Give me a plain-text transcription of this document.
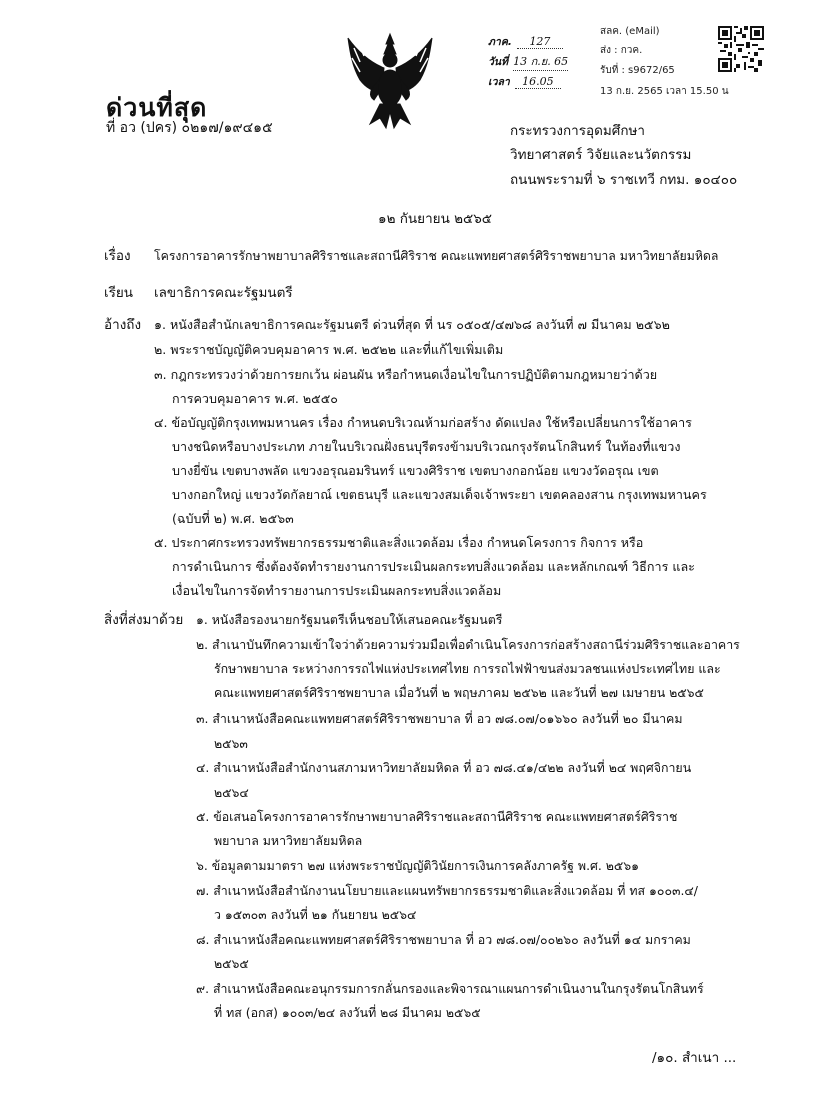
ด่วนที่สุด
ที่ อว (ปคร) ๐๒๑๗/๑๙๔๑๕
ภาค. 127
วันที่ 13 ก.ย. 65
เวลา 16.05
สลค. (eMail)
ส่ง : กวค.
รับที่ : s9672/65
13 ก.ย. 2565 เวลา 15.50 น
กระทรวงการอุดมศึกษา
วิทยาศาสตร์ วิจัยและนวัตกรรม
ถนนพระรามที่ ๖ ราชเทวี กทม. ๑๐๔๐๐
๑๒ กันยายน ๒๕๖๕
เรื่อง โครงการอาคารรักษาพยาบาลศิริราชและสถานีศิริราช คณะแพทยศาสตร์ศิริราชพยาบาล มหาวิทยาลัยมหิดล
เรียน เลขาธิการคณะรัฐมนตรี
อ้างถึง ๑. หนังสือสำนักเลขาธิการคณะรัฐมนตรี ด่วนที่สุด ที่ นร ๐๕๐๕/๔๗๖๘ ลงวันที่ ๗ มีนาคม ๒๕๖๒
๒. พระราชบัญญัติควบคุมอาคาร พ.ศ. ๒๕๒๒ และที่แก้ไขเพิ่มเติม
๓. กฎกระทรวงว่าด้วยการยกเว้น ผ่อนผัน หรือกำหนดเงื่อนไขในการปฏิบัติตามกฎหมายว่าด้วย
การควบคุมอาคาร พ.ศ. ๒๕๕๐
๔. ข้อบัญญัติกรุงเทพมหานคร เรื่อง กำหนดบริเวณห้ามก่อสร้าง ดัดแปลง ใช้หรือเปลี่ยนการใช้อาคาร
บางชนิดหรือบางประเภท ภายในบริเวณฝั่งธนบุรีตรงข้ามบริเวณกรุงรัตนโกสินทร์ ในท้องที่แขวง
บางยี่ขัน เขตบางพลัด แขวงอรุณอมรินทร์ แขวงศิริราช เขตบางกอกน้อย แขวงวัดอรุณ เขต
บางกอกใหญ่ แขวงวัดกัลยาณ์ เขตธนบุรี และแขวงสมเด็จเจ้าพระยา เขตคลองสาน กรุงเทพมหานคร
(ฉบับที่ ๒) พ.ศ. ๒๕๖๓
๕. ประกาศกระทรวงทรัพยากรธรรมชาติและสิ่งแวดล้อม เรื่อง กำหนดโครงการ กิจการ หรือ
การดำเนินการ ซึ่งต้องจัดทำรายงานการประเมินผลกระทบสิ่งแวดล้อม และหลักเกณฑ์ วิธีการ และ
เงื่อนไขในการจัดทำรายงานการประเมินผลกระทบสิ่งแวดล้อม
สิ่งที่ส่งมาด้วย ๑. หนังสือรองนายกรัฐมนตรีเห็นชอบให้เสนอคณะรัฐมนตรี
๒. สำเนาบันทึกความเข้าใจว่าด้วยความร่วมมือเพื่อดำเนินโครงการก่อสร้างสถานีร่วมศิริราชและอาคาร
รักษาพยาบาล ระหว่างการรถไฟแห่งประเทศไทย การรถไฟฟ้าขนส่งมวลชนแห่งประเทศไทย และ
คณะแพทยศาสตร์ศิริราชพยาบาล เมื่อวันที่ ๒ พฤษภาคม ๒๕๖๒ และวันที่ ๒๗ เมษายน ๒๕๖๕
๓. สำเนาหนังสือคณะแพทยศาสตร์ศิริราชพยาบาล ที่ อว ๗๘.๐๗/๐๑๖๖๐ ลงวันที่ ๒๐ มีนาคม
๒๕๖๓
๔. สำเนาหนังสือสำนักงานสภามหาวิทยาลัยมหิดล ที่ อว ๗๘.๔๑/๔๒๒ ลงวันที่ ๒๔ พฤศจิกายน
๒๕๖๔
๕. ข้อเสนอโครงการอาคารรักษาพยาบาลศิริราชและสถานีศิริราช คณะแพทยศาสตร์ศิริราช
พยาบาล มหาวิทยาลัยมหิดล
๖. ข้อมูลตามมาตรา ๒๗ แห่งพระราชบัญญัติวินัยการเงินการคลังภาครัฐ พ.ศ. ๒๕๖๑
๗. สำเนาหนังสือสำนักงานนโยบายและแผนทรัพยากรธรรมชาติและสิ่งแวดล้อม ที่ ทส ๑๐๐๓.๔/
ว ๑๕๓๐๓ ลงวันที่ ๒๑ กันยายน ๒๕๖๔
๘. สำเนาหนังสือคณะแพทยศาสตร์ศิริราชพยาบาล ที่ อว ๗๘.๐๗/๐๐๒๖๐ ลงวันที่ ๑๔ มกราคม
๒๕๖๕
๙. สำเนาหนังสือคณะอนุกรรมการกลั่นกรองและพิจารณาแผนการดำเนินงานในกรุงรัตนโกสินทร์
ที่ ทส (อกส) ๑๐๐๓/๒๔ ลงวันที่ ๒๘ มีนาคม ๒๕๖๕
/๑๐. สำเนา ...
